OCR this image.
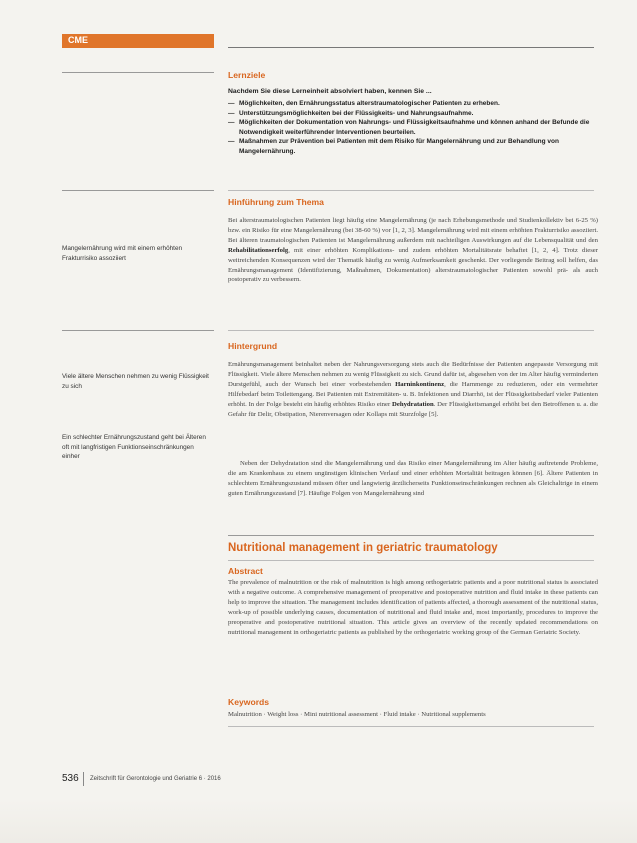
CME
Lernziele
Nachdem Sie diese Lerneinheit absolviert haben, kennen Sie ...
— Möglichkeiten, den Ernährungsstatus alterstraumatologischer Patienten zu erheben.
— Unterstützungsmöglichkeiten bei der Flüssigkeits- und Nahrungsaufnahme.
— Möglichkeiten der Dokumentation von Nahrungs- und Flüssigkeitsaufnahme und können anhand der Befunde die Notwendigkeit weiterführender Interventionen beurteilen.
— Maßnahmen zur Prävention bei Patienten mit dem Risiko für Mangelernährung und zur Behandlung von Mangelernährung.
Hinführung zum Thema

Bei alterstraumatologischen Patienten liegt häufig eine Mangelernährung (je nach Erhebungsmethode und Studienkollektiv bei 6-25 %) bzw. ein Risiko für eine Mangelernährung (bei 38-60 %) vor [1, 2, 3]. Mangelernährung wird mit einem erhöhten Frakturrisiko assoziiert. Bei älteren traumatologischen Patienten ist Mangelernährung außerdem mit nachteiligen Auswirkungen auf die Lebensqualität und den Rehabilitationserfolg, mit einer erhöhten Komplikations- und zudem erhöhten Mortalitätsrate behaftet [1, 2, 4]. Trotz dieser weitreichenden Konsequenzen wird der Thematik häufig zu wenig Aufmerksamkeit geschenkt. Der vorliegende Beitrag soll helfen, das Ernährungsmanagement (Identifizierung, Maßnahmen, Dokumentation) alterstraumatologischer Patienten sowohl prä- als auch postoperativ zu verbessern.

Mangelernährung wird mit einem erhöhten Frakturrisiko assoziiert
Hintergrund

Ernährungsmanagement beinhaltet neben der Nahrungsversorgung stets auch die Bedürfnisse der Patienten angepasste Versorgung mit Flüssigkeit. Viele ältere Menschen nehmen zu wenig Flüssigkeit zu sich. Grund dafür ist, abgesehen von der im Alter häufig verminderten Durstgefühl, auch der Wunsch bei einer vorbestehenden Harninkontinenz, die Harnmenge zu reduzieren, oder ein vermehrter Hilfebedarf beim Toilettengang. Bei Patienten mit Extremitäten- u. B. Infektionen und Diarrhö, ist der Flüssigkeitsbedarf vieler Patienten erhöht. In der Folge besteht ein häufig erhöhtes Risiko einer Dehydratation. Der Flüssigkeitsmangel erhöht bei den Betroffenen u. a. die Gefahr für Delir, Obstipation, Nierenversagen oder Kollaps mit Sturzfolge [5].

Neben der Dehydratation sind die Mangelernährung und das Risiko einer Mangelernährung im Alter häufig auftretende Probleme, die am Krankenhaus zu einem ungünstigen klinischen Verlauf und einer erhöhten Mortalität beitragen können [6]. Ältere Patienten in schlechtem Ernährungszustand müssen öfter und langwierig ärztlicherseits Funktionseinschränkungen rechnen als Gleichaltrige in einem guten Ernährungszustand [7]. Häufige Folgen von Mangelernährung sind

Viele ältere Menschen nehmen zu wenig Flüssigkeit zu sich
Ein schlechter Ernährungszustand geht bei Älteren oft mit langfristigen Funktionseinschränkungen einher
Nutritional management in geriatric traumatology
Abstract

The prevalence of malnutrition or the risk of malnutrition is high among orthogeriatric patients and a poor nutritional status is associated with a negative outcome. A comprehensive management of preoperative and postoperative nutrition and fluid intake in these patients can help to improve the situation. The management includes identification of patients affected, a thorough assessment of the nutritional status, work-up of possible underlying causes, documentation of nutritional and fluid intake and, most importantly, procedures to improve the preoperative and postoperative nutritional situation. This article gives an overview of the recently updated recommendations on nutritional management in orthogeriatric patients as published by the orthogeriatric working group of the German Geriatric Society.

Keywords

Malnutrition · Weight loss · Mini nutritional assessment · Fluid intake · Nutritional supplements

536 Zeitschrift für Gerontologie und Geriatrie 6 · 2016
